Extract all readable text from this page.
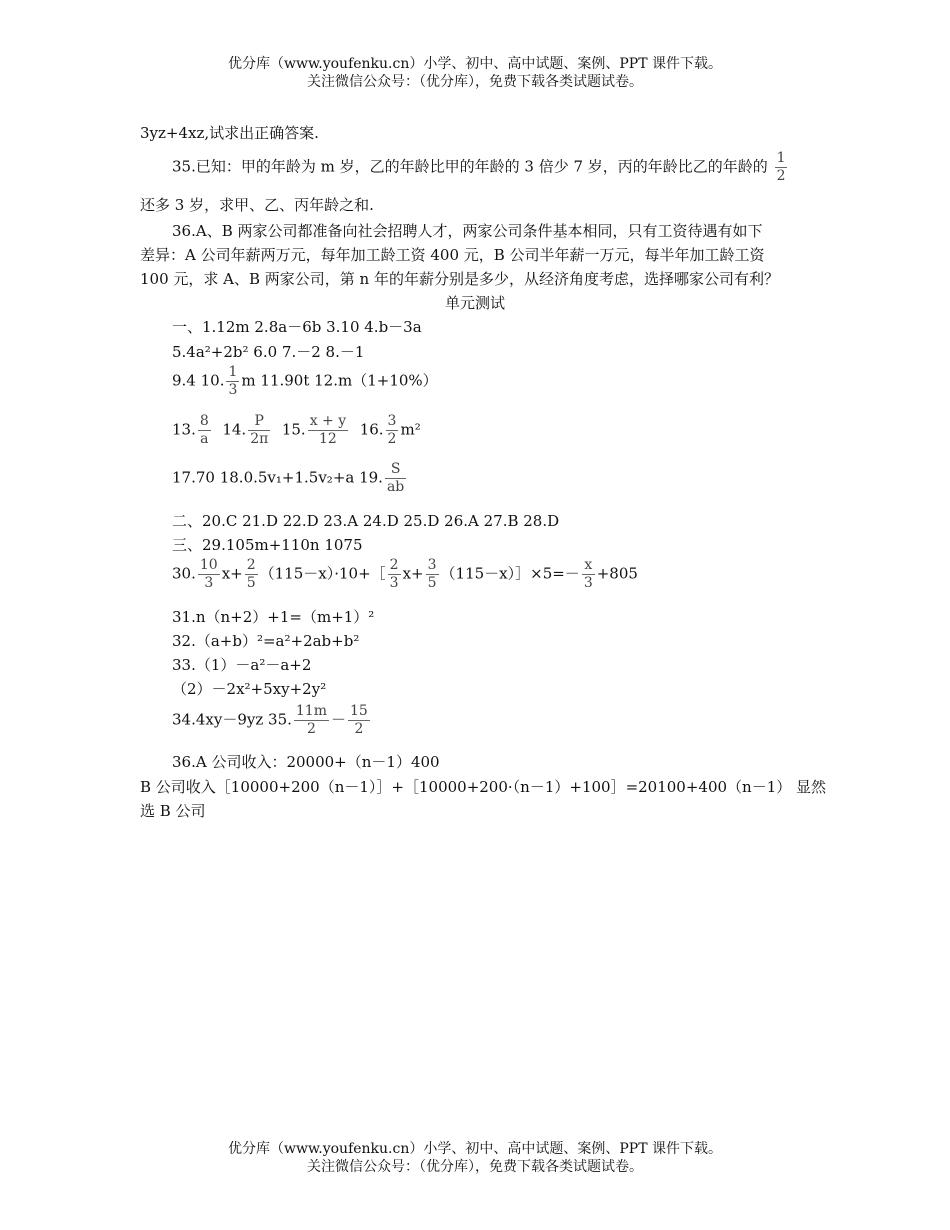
优分库（www.youfenku.cn）小学、初中、高中试题、案例、PPT 课件下载。
关注微信公众号：（优分库），免费下载各类试题试卷。
3yz+4xz,试求出正确答案.
35.已知：甲的年龄为 m 岁，乙的年龄比甲的年龄的 3 倍少 7 岁，丙的年龄比乙的年龄的 $\frac{1}{2}$
还多 3 岁，求甲、乙、丙年龄之和.
36.A、B 两家公司都准备向社会招聘人才，两家公司条件基本相同，只有工资待遇有如下
差异：A 公司年薪两万元，每年加工龄工资 400 元，B 公司半年薪一万元，每半年加工龄工资
100 元，求 A、B 两家公司，第 n 年的年薪分别是多少，从经济角度考虑，选择哪家公司有利？
单元测试
一、1.12m 2.8a－6b 3.10 4.b－3a
5.4a²+2b² 6.0 7.－2 8.－1
9.4 10. $\frac{1}{3}$ m 11.90t 12.m（1+10%）
13. $\frac{8}{a} 14$. $\frac{P}{2\pi} 15$. $\frac{x + y}{12} 16$. $\frac{3}{2} m^2$
17.70 18.0.5v₁+1.5v₂+a 19. $\frac{S}{ab}$
二、20.C 21.D 22.D 23.A 24.D 25.D 26.A 27.B 28.D
三、29.105m+110n 1075
30. $\frac{10}{3} x+ \frac{2}{5}$ （115－x）·10+［ $\frac{2}{3} x+ \frac{3}{5}$ （115－x）］×5=－ $\frac{x}{3} +805$
31.n（n+2）+1=（m+1）²
32.（a+b）²=a²+2ab+b²
33.（1）－a²－a+2
（2）－2x²+5xy+2y²
34.4xy－9yz 35. $\frac{11m}{2} - \frac{15}{2}$
36.A 公司收入：20000+（n－1）400
B 公司收入［10000+200（n－1）］+［10000+200·（n－1）+100］=20100+400（n－1） 显然
选 B 公司
优分库（www.youfenku.cn）小学、初中、高中试题、案例、PPT 课件下载。
关注微信公众号：（优分库），免费下载各类试题试卷。
